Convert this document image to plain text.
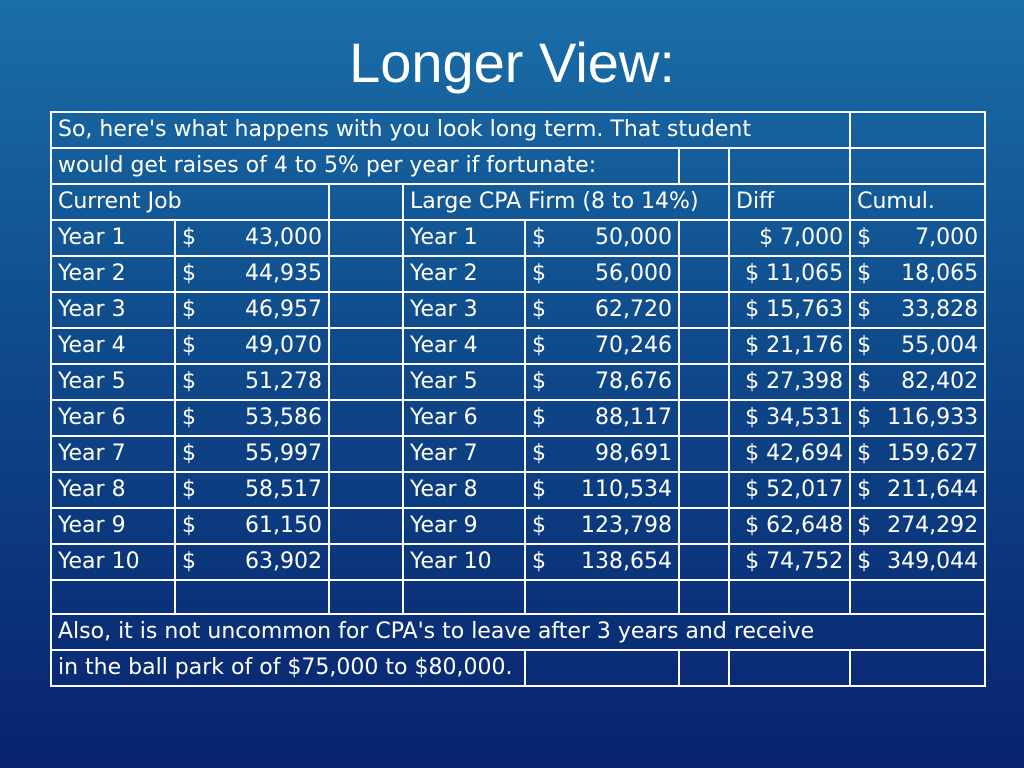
Longer View:
So, here's what happens with you look long term. That student							
would get raises of 4 to 5% per year if fortunate:							
Current Job			Large CPA Firm (8 to 14%)			Diff	Cumul.
Year 1	$ 43,000		Year 1	$ 50,000		$ 7,000	$ 7,000

Year 2	$ 44,935		Year 2	$ 56,000		$ 11,065	$ 18,065

Year 3	$ 46,957		Year 3	$ 62,720		$ 15,763	$ 33,828

Year 4	$ 49,070		Year 4	$ 70,246		$ 21,176	$ 55,004

Year 5	$ 51,278		Year 5	$ 78,676		$ 27,398	$ 82,402

Year 6	$ 53,586		Year 6	$ 88,117		$ 34,531	$ 116,933

Year 7	$ 55,997		Year 7	$ 98,691		$ 42,694	$ 159,627

Year 8	$ 58,517		Year 8	$ 110,534		$ 52,017	$ 211,644

Year 9	$ 61,150		Year 9	$ 123,798		$ 62,648	$ 274,292

Year 10	$ 63,902		Year 10	$ 138,654		$ 74,752	$ 349,044

Also, it is not uncommon for CPA's to leave after 3 years and receive							
in the ball park of of $75,000 to $80,000.							
